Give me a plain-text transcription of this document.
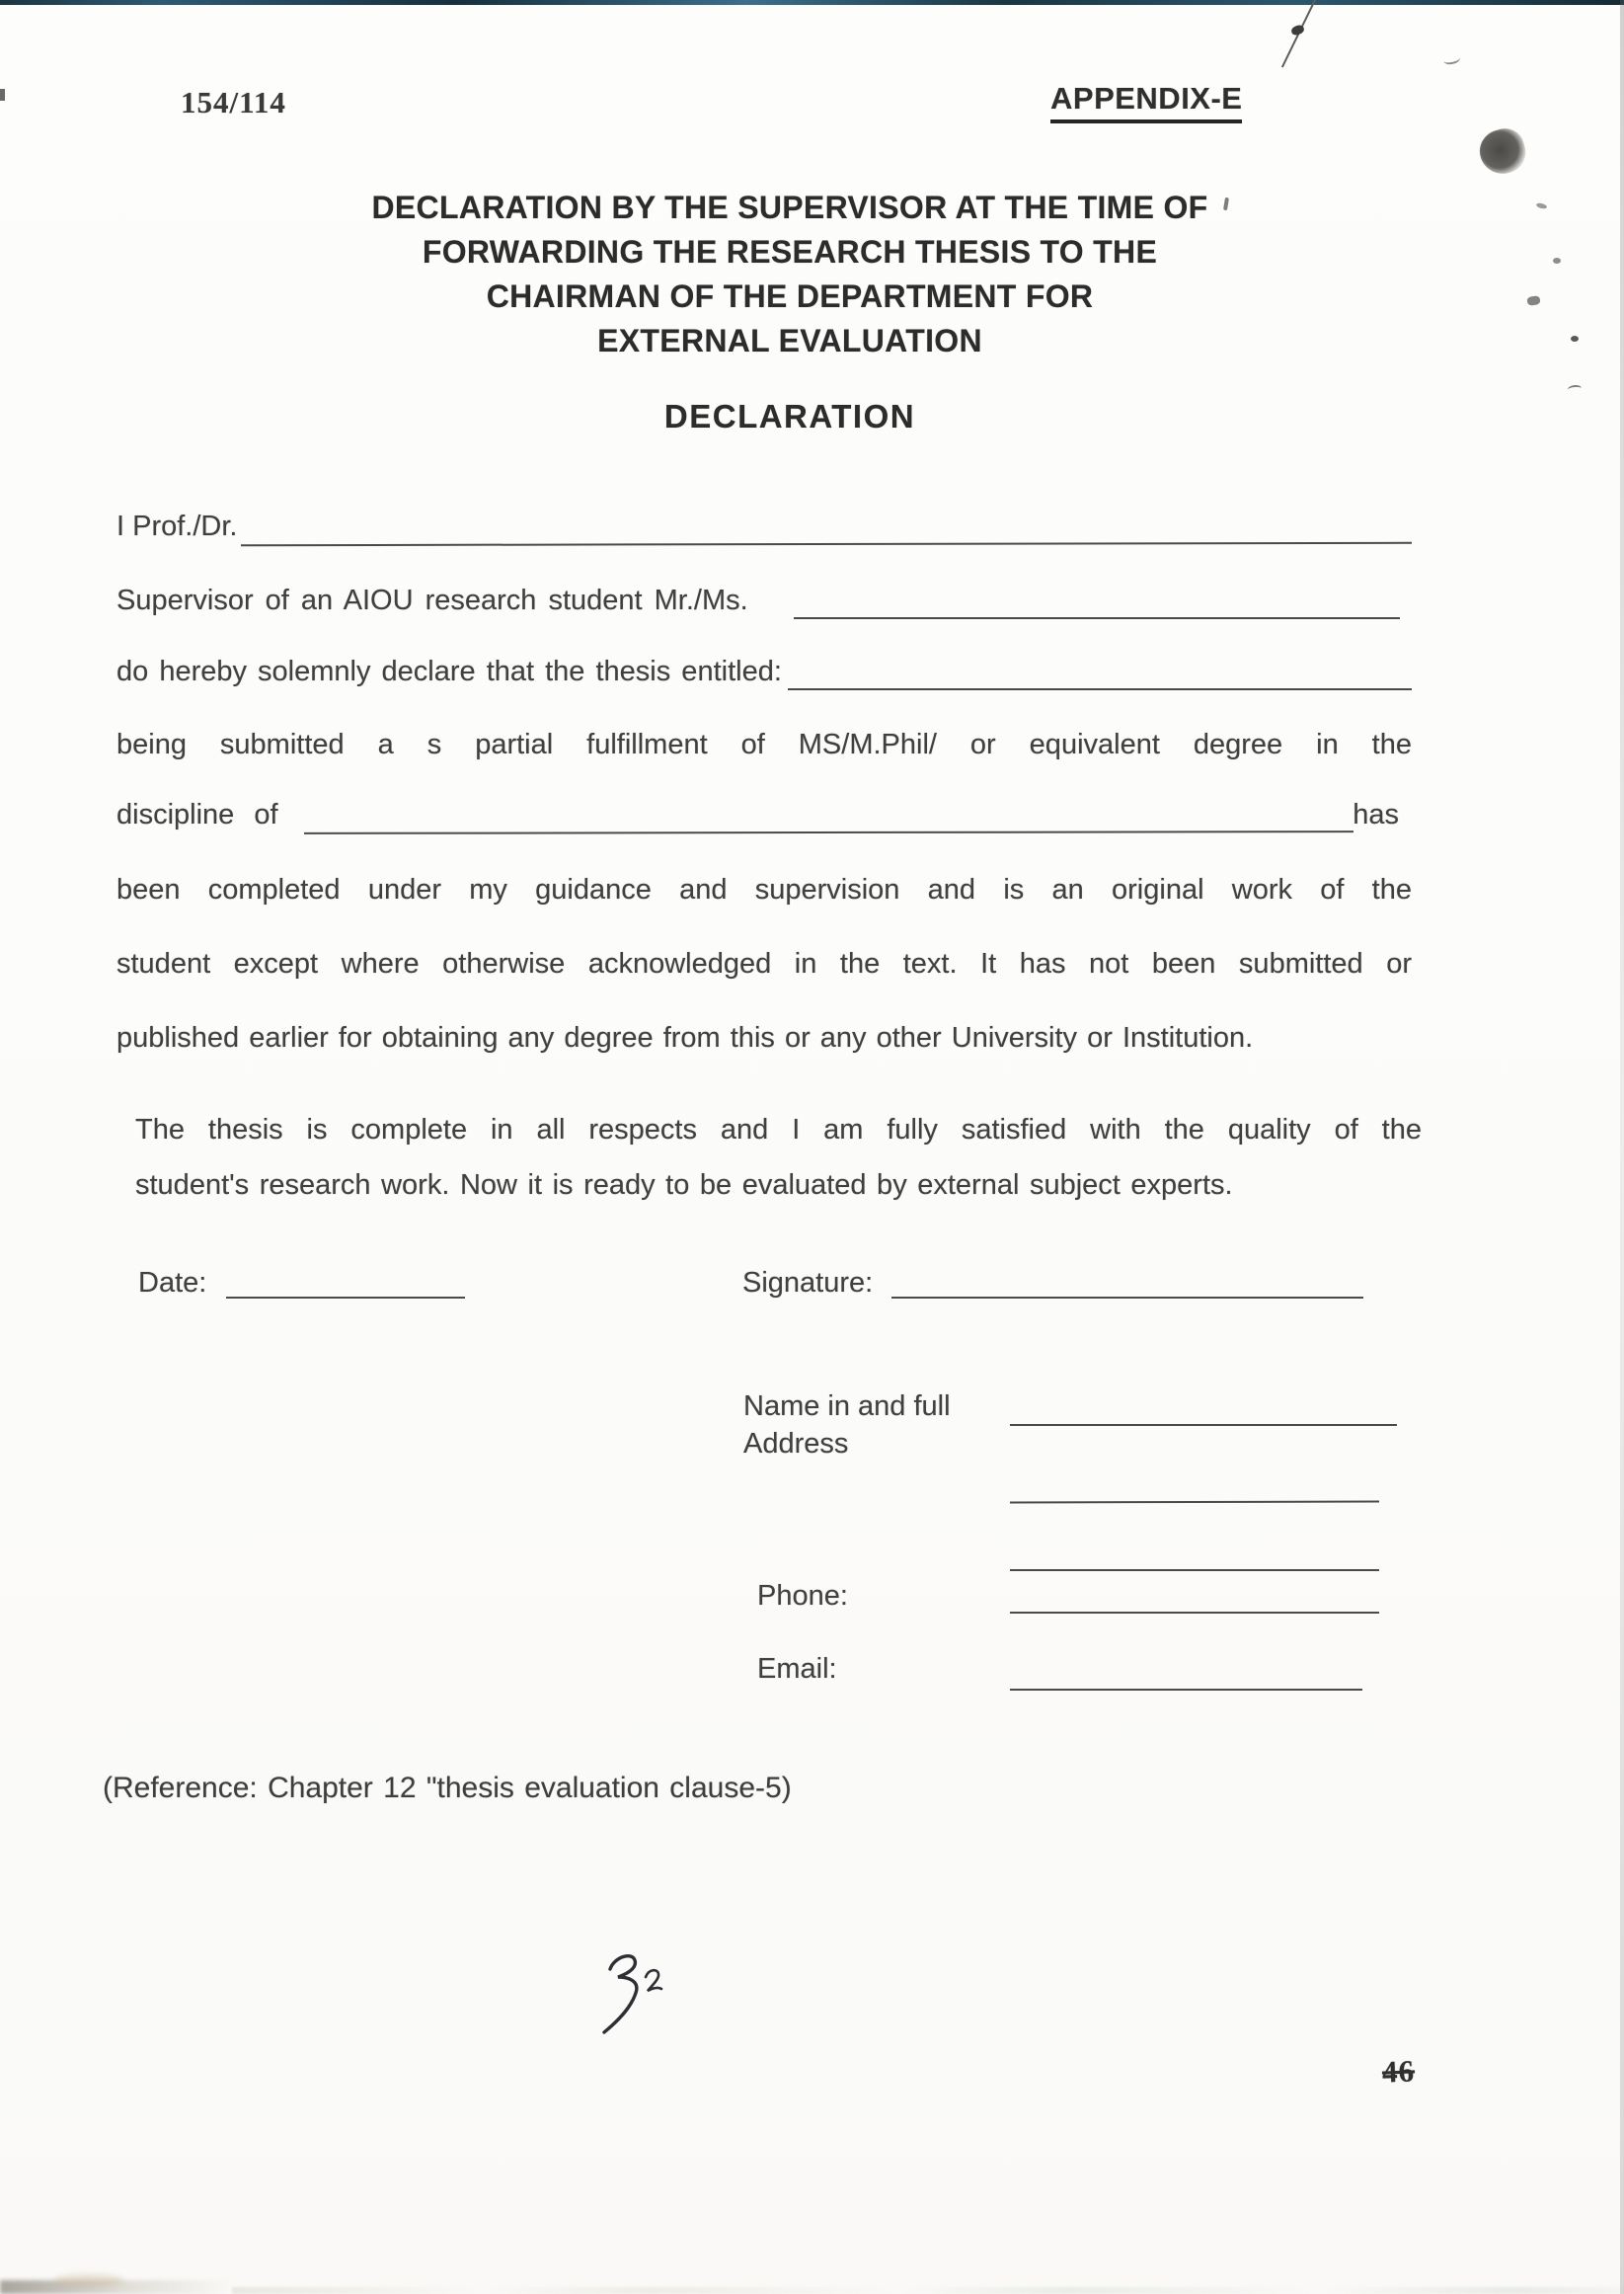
154/114	APPENDIX-E
DECLARATION BY THE SUPERVISOR AT THE TIME OF
FORWARDING THE RESEARCH THESIS TO THE
CHAIRMAN OF THE DEPARTMENT FOR
EXTERNAL EVALUATION
DECLARATION
I Prof./Dr.
Supervisor of an AIOU research student Mr./Ms.
do hereby solemnly declare that the thesis entitled:
being submitted a s partial fulfillment of MS/M.Phil/ or equivalent degree in the
discipline of	has
been completed under my guidance and supervision and is an original work of the
student except where otherwise acknowledged in the text. It has not been submitted or
published earlier for obtaining any degree from this or any other University or Institution.
The thesis is complete in all respects and I am fully satisfied with the quality of the
student's research work. Now it is ready to be evaluated by external subject experts.
Date:	Signature:
Name in and full
Address
Phone:
Email:
(Reference: Chapter 12 "thesis evaluation clause-5)
46
